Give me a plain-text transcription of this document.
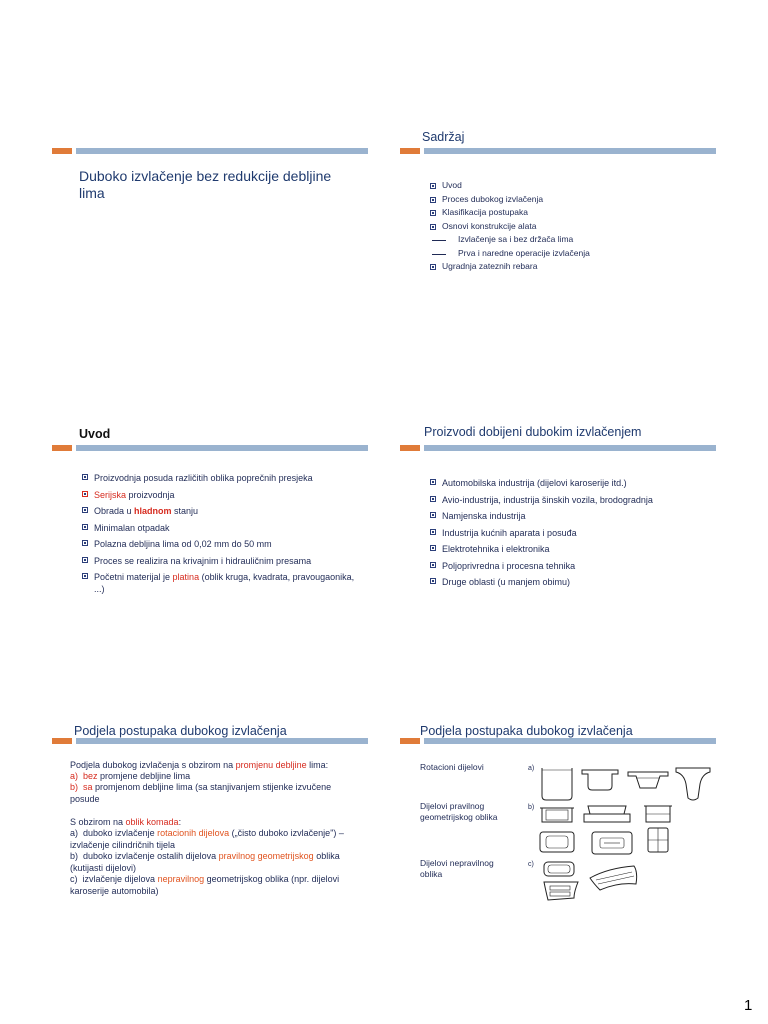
Duboko izvlačenje bez redukcije debljine lima
Sadržaj
Uvod
Proces dubokog izvlačenja
Klasifikacija postupaka
Osnovi konstrukcije alata
Izvlačenje sa i bez držača lima
Prva i naredne operacije izvlačenja
Ugradnja zateznih rebara
Uvod
Proizvodnja posuda različitih oblika poprečnih presjeka
Serijska proizvodnja
Obrada u hladnom stanju
Minimalan otpadak
Polazna debljina lima od 0,02 mm do 50 mm
Proces se realizira na krivajnim i hidrauličnim presama
Početni materijal je platina (oblik kruga, kvadrata, pravougaonika, ...)
Proizvodi dobijeni dubokim izvlačenjem
Automobilska industrija (dijelovi karoserije itd.)
Avio-industrija, industrija šinskih vozila, brodogradnja
Namjenska industrija
Industrija kućnih aparata i posuđa
Elektrotehnika i elektronika
Poljoprivredna i procesna tehnika
Druge oblasti (u manjem obimu)
Podjela postupaka dubokog izvlačenja
Podjela dubokog izvlačenja s obzirom na promjenu debljine lima:
a) bez promjene debljine lima
b) sa promjenom debljine lima (sa stanjivanjem stijenke izvučene posude
S obzirom na oblik komada:
a) duboko izvlačenje rotacionih dijelova („čisto duboko izvlačenje") – izvlačenje cilindričnih tijela
b) duboko izvlačenje ostalih dijelova pravilnog geometrijskog oblika (kutijasti dijelovi)
c) izvlačenje dijelova nepravilnog geometrijskog oblika (npr. dijelovi karoserije automobila)
Podjela postupaka dubokog izvlačenja
Rotacioni dijelovi
Dijelovi pravilnog geometrijskog oblika
Dijelovi nepravilnog oblika
a)
b)
c)
1
